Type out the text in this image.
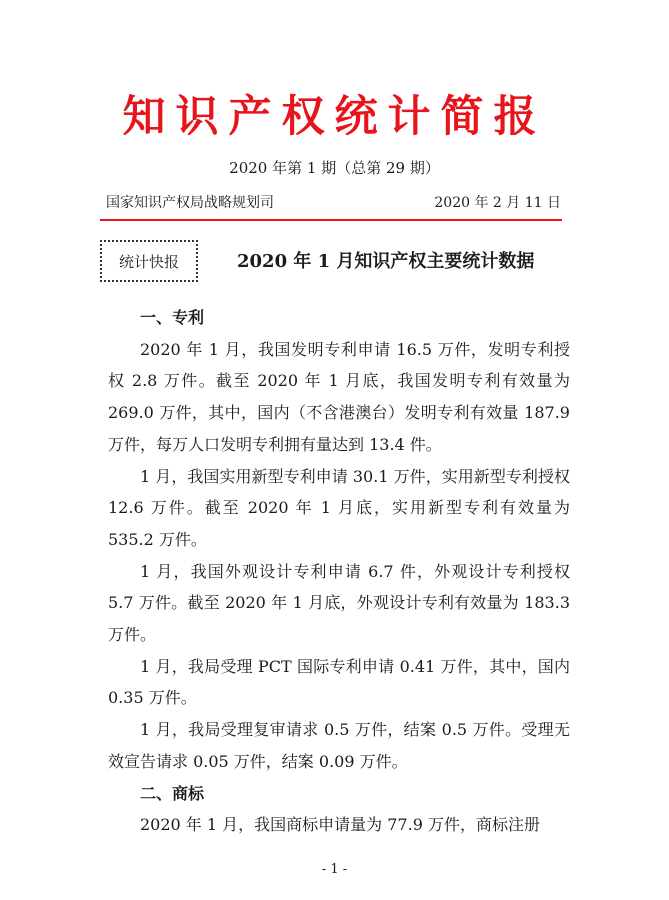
知识产权统计简报
2020 年第 1 期（总第 29 期）
国家知识产权局战略规划司	2020 年 2 月 11 日
统计快报	2020 年 1 月知识产权主要统计数据
一、专利

2020 年 1 月，我国发明专利申请 16.5 万件，发明专利授权 2.8 万件。截至 2020 年 1 月底，我国发明专利有效量为 269.0 万件，其中，国内（不含港澳台）发明专利有效量 187.9 万件，每万人口发明专利拥有量达到 13.4 件。

1 月，我国实用新型专利申请 30.1 万件，实用新型专利授权 12.6 万件。截至 2020 年 1 月底，实用新型专利有效量为 535.2 万件。

1 月，我国外观设计专利申请 6.7 件，外观设计专利授权 5.7 万件。截至 2020 年 1 月底，外观设计专利有效量为 183.3 万件。

1 月，我局受理 PCT 国际专利申请 0.41 万件，其中，国内 0.35 万件。

1 月，我局受理复审请求 0.5 万件，结案 0.5 万件。受理无效宣告请求 0.05 万件，结案 0.09 万件。

二、商标

2020 年 1 月，我国商标申请量为 77.9 万件，商标注册

- 1 -
